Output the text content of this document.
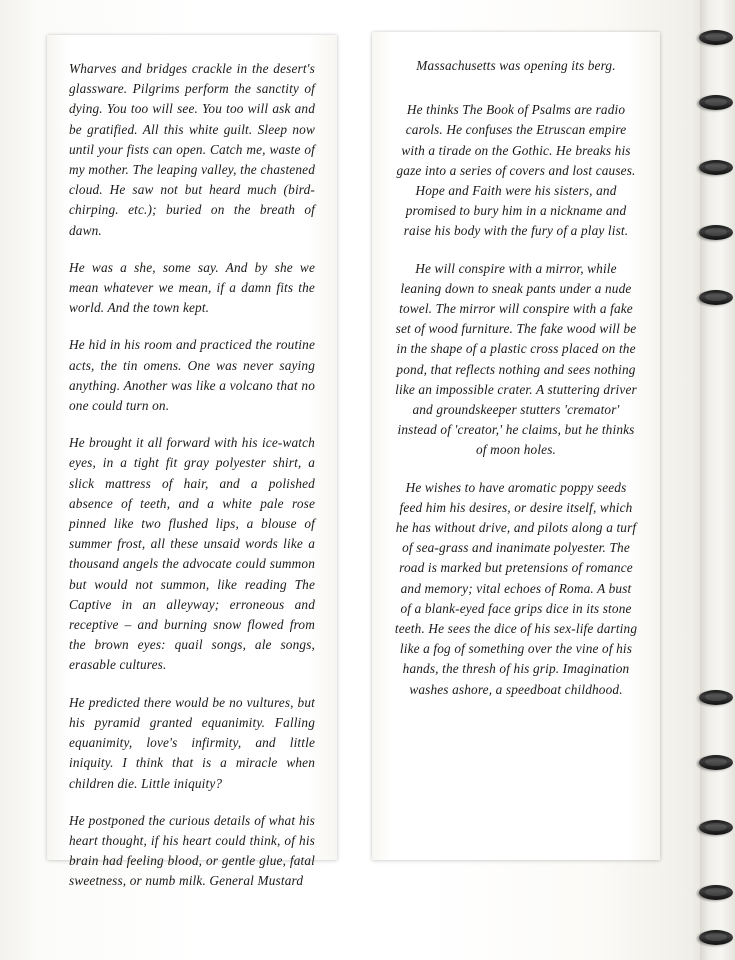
Wharves and bridges crackle in the desert's glassware. Pilgrims perform the sanctity of dying. You too will see. You too will ask and be gratified. All this white guilt. Sleep now until your fists can open. Catch me, waste of my mother. The leaping valley, the chastened cloud. He saw not but heard much (bird-chirping. etc.); buried on the breath of dawn.

He was a she, some say. And by she we mean whatever we mean, if a damn fits the world. And the town kept.

He hid in his room and practiced the routine acts, the tin omens. One was never saying anything. Another was like a volcano that no one could turn on.

He brought it all forward with his ice-watch eyes, in a tight fit gray polyester shirt, a slick mattress of hair, and a polished absence of teeth, and a white pale rose pinned like two flushed lips, a blouse of summer frost, all these unsaid words like a thousand angels the advocate could summon but would not summon, like reading The Captive in an alleyway; erroneous and receptive – and burning snow flowed from the brown eyes: quail songs, ale songs, erasable cultures.

He predicted there would be no vultures, but his pyramid granted equanimity. Falling equanimity, love's infirmity, and little iniquity. I think that is a miracle when children die. Little iniquity?

He postponed the curious details of what his heart thought, if his heart could think, of his brain had feeling blood, or gentle glue, fatal sweetness, or numb milk. General Mustard

Massachusetts was opening its berg.

He thinks The Book of Psalms are radio carols. He confuses the Etruscan empire with a tirade on the Gothic. He breaks his gaze into a series of covers and lost causes. Hope and Faith were his sisters, and promised to bury him in a nickname and raise his body with the fury of a play list.

He will conspire with a mirror, while leaning down to sneak pants under a nude towel. The mirror will conspire with a fake set of wood furniture. The fake wood will be in the shape of a plastic cross placed on the pond, that reflects nothing and sees nothing like an impossible crater. A stuttering driver and groundskeeper stutters 'cremator' instead of 'creator,' he claims, but he thinks of moon holes.

He wishes to have aromatic poppy seeds feed him his desires, or desire itself, which he has without drive, and pilots along a turf of sea-grass and inanimate polyester. The road is marked but pretensions of romance and memory; vital echoes of Roma. A bust of a blank-eyed face grips dice in its stone teeth. He sees the dice of his sex-life darting like a fog of something over the vine of his hands, the thresh of his grip. Imagination washes ashore, a speedboat childhood.
